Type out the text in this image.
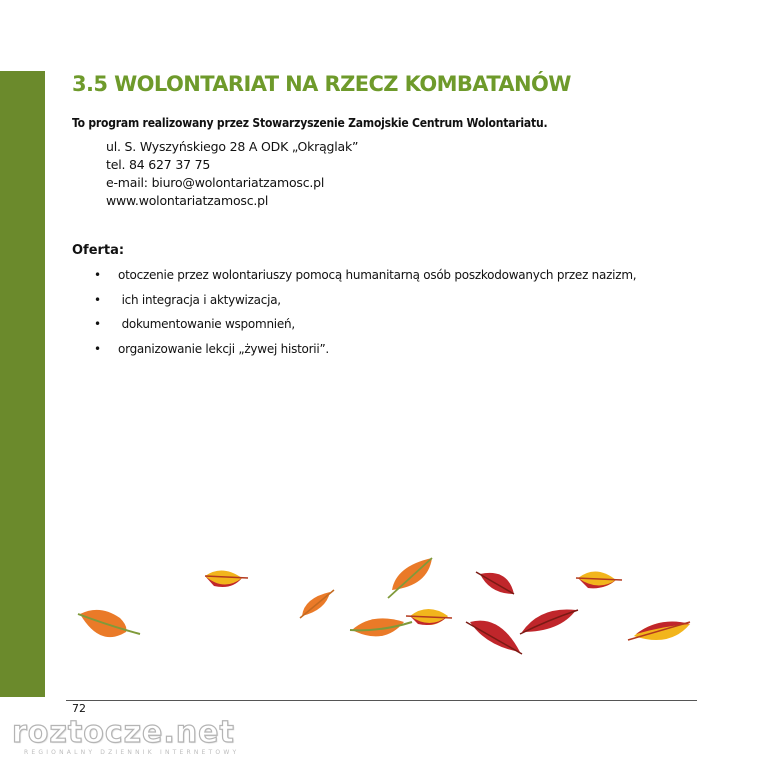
3.5 WOLONTARIAT NA RZECZ KOMBATANÓW

To program realizowany przez Stowarzyszenie Zamojskie Centrum Wolontariatu.

ul. S. Wyszyńskiego 28 A ODK „Okrąglak”
tel. 84 627 37 75
e-mail: biuro@wolontariatzamosc.pl
www.wolontariatzamosc.pl
Oferta:
• otoczenie przez wolontariuszy pomocą humanitarną osób poszkodowanych przez nazizm,
• ich integracja i aktywizacja,
• dokumentowanie wspomnień,
• organizowanie lekcji „żywej historii”.
72
roztocze.net
REGIONALNY DZIENNIK INTERNETOWY
